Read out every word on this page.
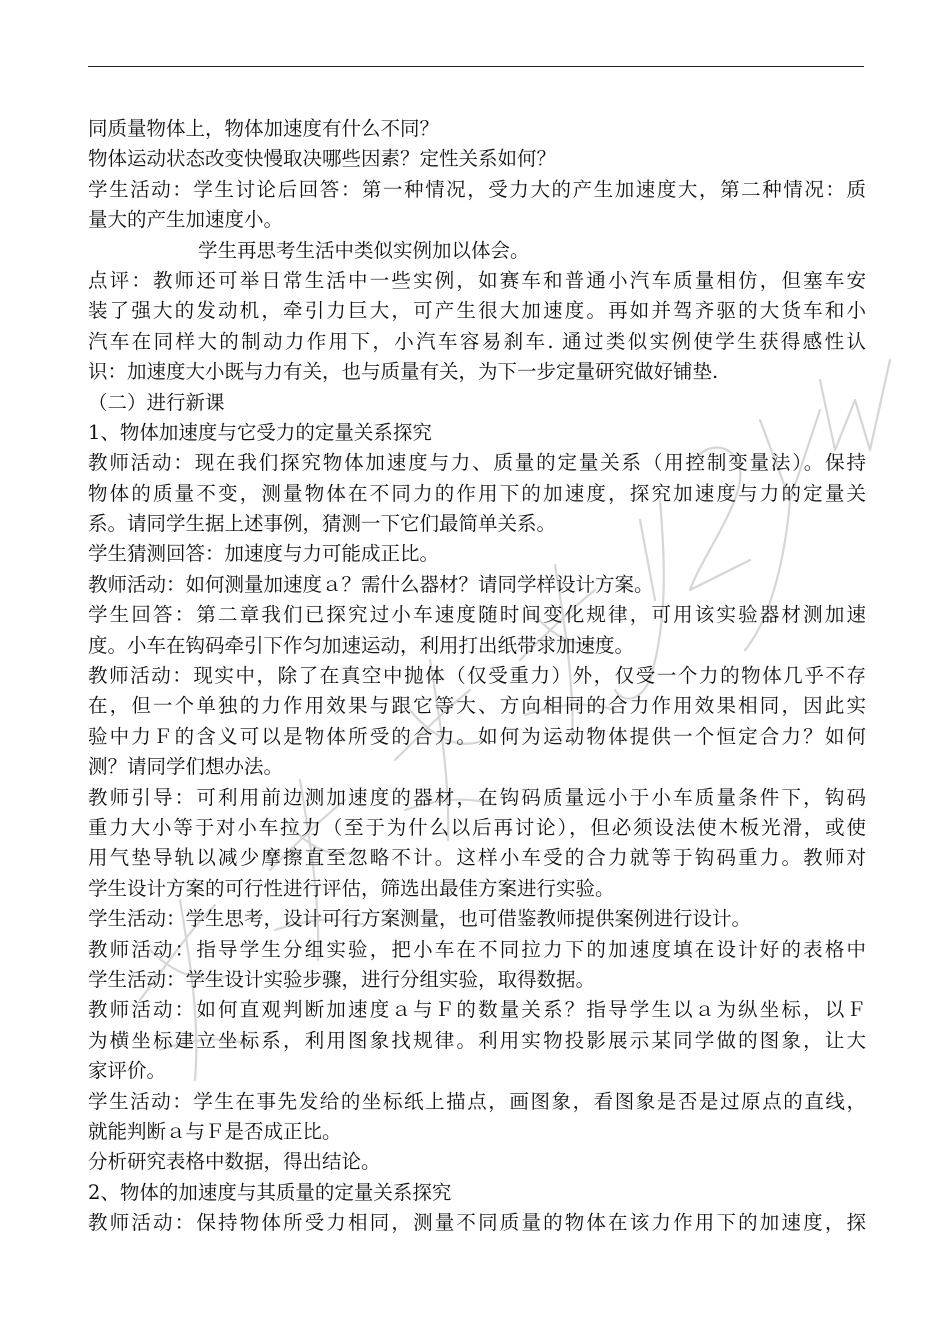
同质量物体上，物体加速度有什么不同？
物体运动状态改变快慢取决哪些因素？定性关系如何？
学生活动：学生讨论后回答：第一种情况，受力大的产生加速度大，第二种情况：质
量大的产生加速度小。
学生再思考生活中类似实例加以体会。
点评：教师还可举日常生活中一些实例，如赛车和普通小汽车质量相仿，但塞车安
装了强大的发动机，牵引力巨大，可产生很大加速度。再如并驾齐驱的大货车和小
汽车在同样大的制动力作用下，小汽车容易刹车. 通过类似实例使学生获得感性认
识：加速度大小既与力有关，也与质量有关，为下一步定量研究做好铺垫.
（二）进行新课
1、物体加速度与它受力的定量关系探究
教师活动：现在我们探究物体加速度与力、质量的定量关系（用控制变量法）。保持
物体的质量不变，测量物体在不同力的作用下的加速度，探究加速度与力的定量关
系。请同学生据上述事例，猜测一下它们最简单关系。
学生猜测回答：加速度与力可能成正比。
教师活动：如何测量加速度ａ？需什么器材？请同学样设计方案。
学生回答：第二章我们已探究过小车速度随时间变化规律，可用该实验器材测加速
度。小车在钩码牵引下作匀加速运动，利用打出纸带求加速度。
教师活动：现实中，除了在真空中抛体（仅受重力）外，仅受一个力的物体几乎不存
在，但一个单独的力作用效果与跟它等大、方向相同的合力作用效果相同，因此实
验中力Ｆ的含义可以是物体所受的合力。如何为运动物体提供一个恒定合力？如何
测？请同学们想办法。
教师引导：可利用前边测加速度的器材，在钩码质量远小于小车质量条件下，钩码
重力大小等于对小车拉力（至于为什么以后再讨论），但必须设法使木板光滑，或使
用气垫导轨以减少摩擦直至忽略不计。这样小车受的合力就等于钩码重力。教师对
学生设计方案的可行性进行评估，筛选出最佳方案进行实验。
学生活动：学生思考，设计可行方案测量，也可借鉴教师提供案例进行设计。
教师活动：指导学生分组实验，把小车在不同拉力下的加速度填在设计好的表格中
学生活动：学生设计实验步骤，进行分组实验，取得数据。
教师活动：如何直观判断加速度ａ与Ｆ的数量关系？指导学生以ａ为纵坐标，以Ｆ
为横坐标建立坐标系，利用图象找规律。利用实物投影展示某同学做的图象，让大
家评价。
学生活动：学生在事先发给的坐标纸上描点，画图象，看图象是否是过原点的直线，
就能判断ａ与Ｆ是否成正比。
分析研究表格中数据，得出结论。
2、物体的加速度与其质量的定量关系探究
教师活动：保持物体所受力相同，测量不同质量的物体在该力作用下的加速度，探
